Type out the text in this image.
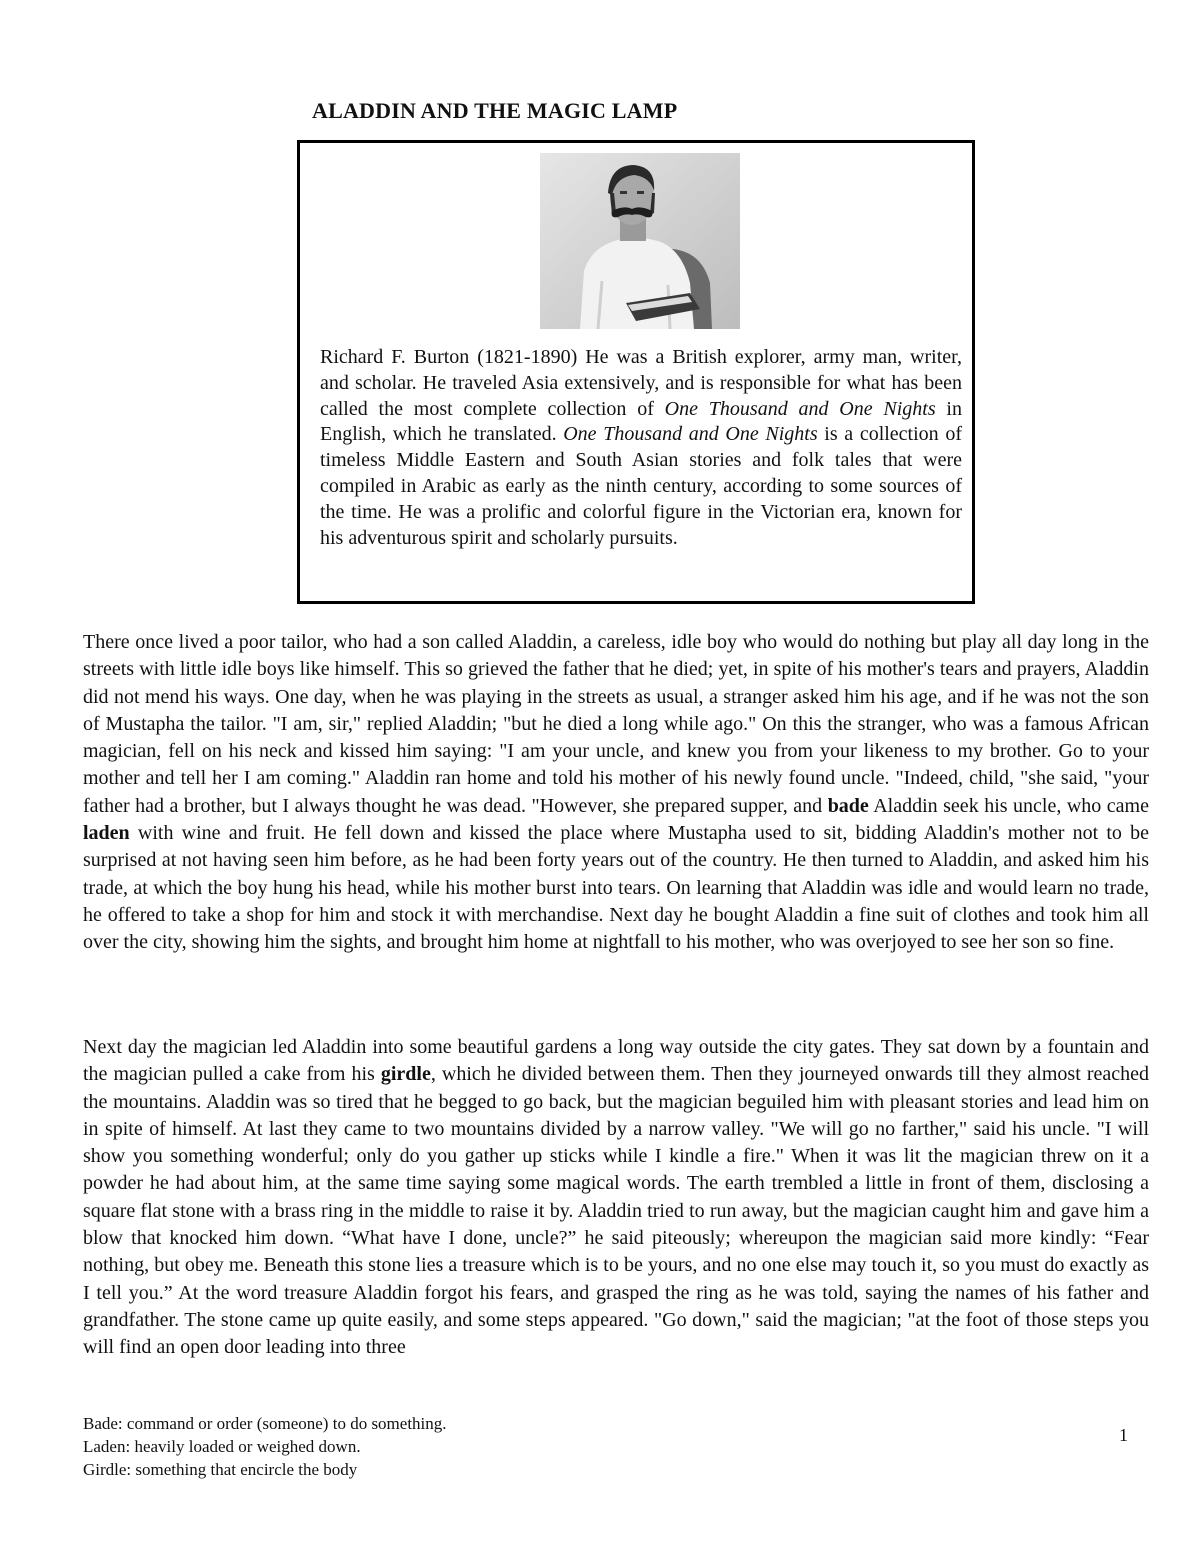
ALADDIN AND THE MAGIC LAMP

Richard F. Burton (1821-1890) He was a British explorer, army man, writer, and scholar. He traveled Asia extensively, and is responsible for what has been called the most complete collection of One Thousand and One Nights in English, which he translated. One Thousand and One Nights is a collection of timeless Middle Eastern and South Asian stories and folk tales that were compiled in Arabic as early as the ninth century, according to some sources of the time. He was a prolific and colorful figure in the Victorian era, known for his adventurous spirit and scholarly pursuits.

There once lived a poor tailor, who had a son called Aladdin, a careless, idle boy who would do nothing but play all day long in the streets with little idle boys like himself. This so grieved the father that he died; yet, in spite of his mother's tears and prayers, Aladdin did not mend his ways. One day, when he was playing in the streets as usual, a stranger asked him his age, and if he was not the son of Mustapha the tailor. "I am, sir," replied Aladdin; "but he died a long while ago." On this the stranger, who was a famous African magician, fell on his neck and kissed him saying: "I am your uncle, and knew you from your likeness to my brother. Go to your mother and tell her I am coming." Aladdin ran home and told his mother of his newly found uncle. "Indeed, child, "she said, "your father had a brother, but I always thought he was dead. "However, she prepared supper, and bade Aladdin seek his uncle, who came laden with wine and fruit. He fell down and kissed the place where Mustapha used to sit, bidding Aladdin's mother not to be surprised at not having seen him before, as he had been forty years out of the country. He then turned to Aladdin, and asked him his trade, at which the boy hung his head, while his mother burst into tears. On learning that Aladdin was idle and would learn no trade, he offered to take a shop for him and stock it with merchandise. Next day he bought Aladdin a fine suit of clothes and took him all over the city, showing him the sights, and brought him home at nightfall to his mother, who was overjoyed to see her son so fine.

Next day the magician led Aladdin into some beautiful gardens a long way outside the city gates. They sat down by a fountain and the magician pulled a cake from his girdle, which he divided between them. Then they journeyed onwards till they almost reached the mountains. Aladdin was so tired that he begged to go back, but the magician beguiled him with pleasant stories and lead him on in spite of himself. At last they came to two mountains divided by a narrow valley. "We will go no farther," said his uncle. "I will show you something wonderful; only do you gather up sticks while I kindle a fire." When it was lit the magician threw on it a powder he had about him, at the same time saying some magical words. The earth trembled a little in front of them, disclosing a square flat stone with a brass ring in the middle to raise it by. Aladdin tried to run away, but the magician caught him and gave him a blow that knocked him down. “What have I done, uncle?” he said piteously; whereupon the magician said more kindly: “Fear nothing, but obey me. Beneath this stone lies a treasure which is to be yours, and no one else may touch it, so you must do exactly as I tell you.” At the word treasure Aladdin forgot his fears, and grasped the ring as he was told, saying the names of his father and grandfather. The stone came up quite easily, and some steps appeared. "Go down," said the magician; "at the foot of those steps you will find an open door leading into three

Bade: command or order (someone) to do something.
Laden: heavily loaded or weighed down.
Girdle: something that encircle the body
1
